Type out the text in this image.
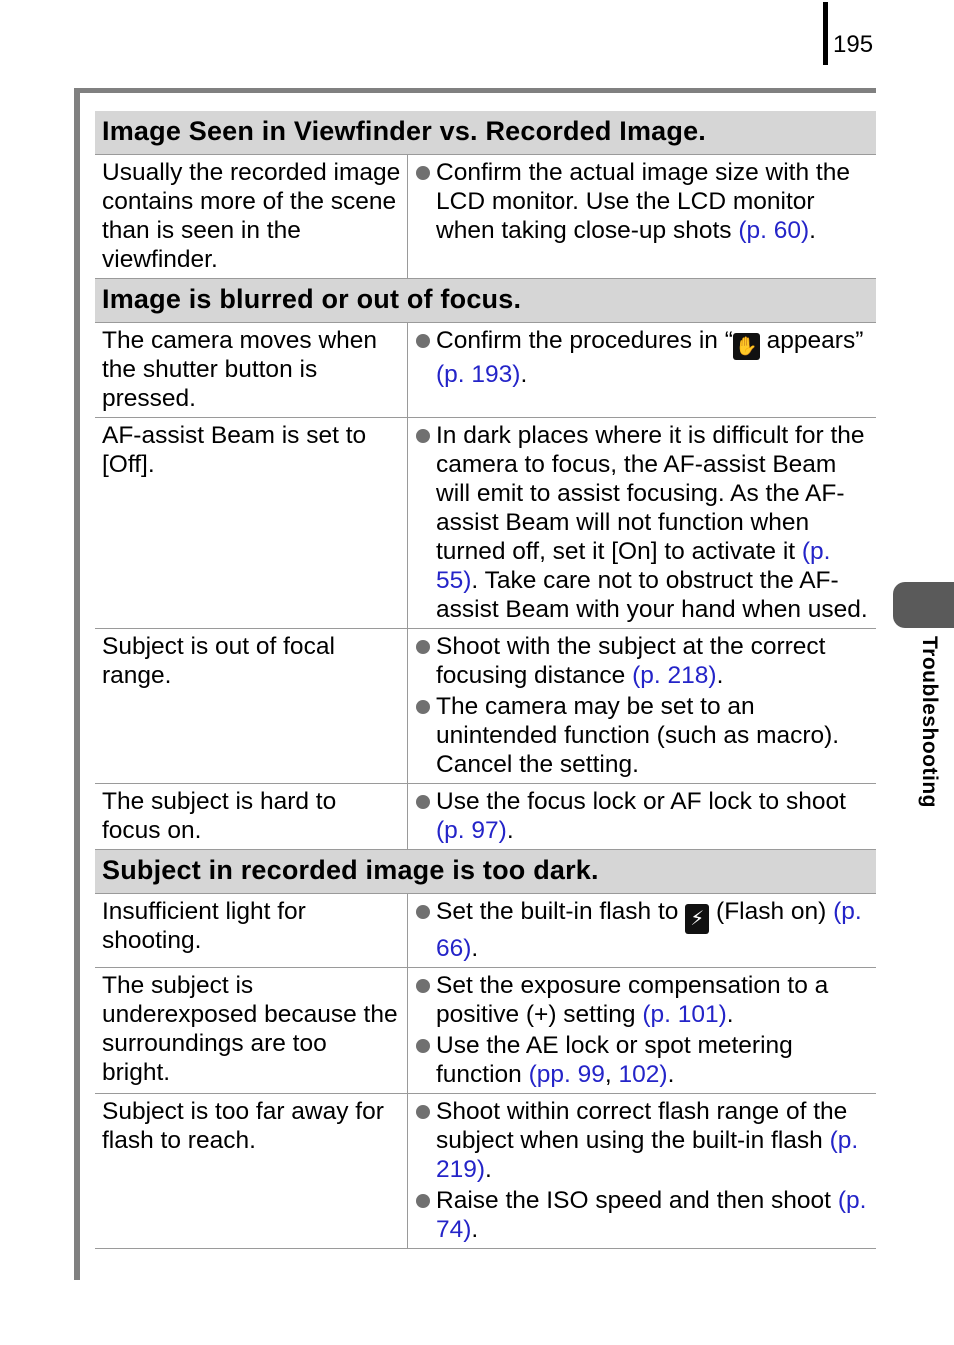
195
Troubleshooting
Image Seen in Viewfinder vs. Recorded Image.
Usually the recorded image contains more of the scene than is seen in the viewfinder.
Confirm the actual image size with the LCD monitor. Use the LCD monitor when taking close-up shots (p. 60).
Image is blurred or out of focus.
The camera moves when the shutter button is pressed.
Confirm the procedures in “ ✋ appears” (p. 193).
AF-assist Beam is set to [Off].
In dark places where it is difficult for the camera to focus, the AF-assist Beam will emit to assist focusing. As the AF-assist Beam will not function when turned off, set it [On] to activate it (p. 55). Take care not to obstruct the AF-assist Beam with your hand when used.
Subject is out of focal range.
Shoot with the subject at the correct focusing distance (p. 218).
The camera may be set to an unintended function (such as macro). Cancel the setting.
The subject is hard to focus on.
Use the focus lock or AF lock to shoot (p. 97).
Subject in recorded image is too dark.
Insufficient light for shooting.
Set the built-in flash to ⚡ (Flash on) (p. 66).
The subject is underexposed because the surroundings are too bright.
Set the exposure compensation to a positive (+) setting (p. 101).
Use the AE lock or spot metering function (pp. 99, 102).
Subject is too far away for flash to reach.
Shoot within correct flash range of the subject when using the built-in flash (p. 219).
Raise the ISO speed and then shoot (p. 74).
